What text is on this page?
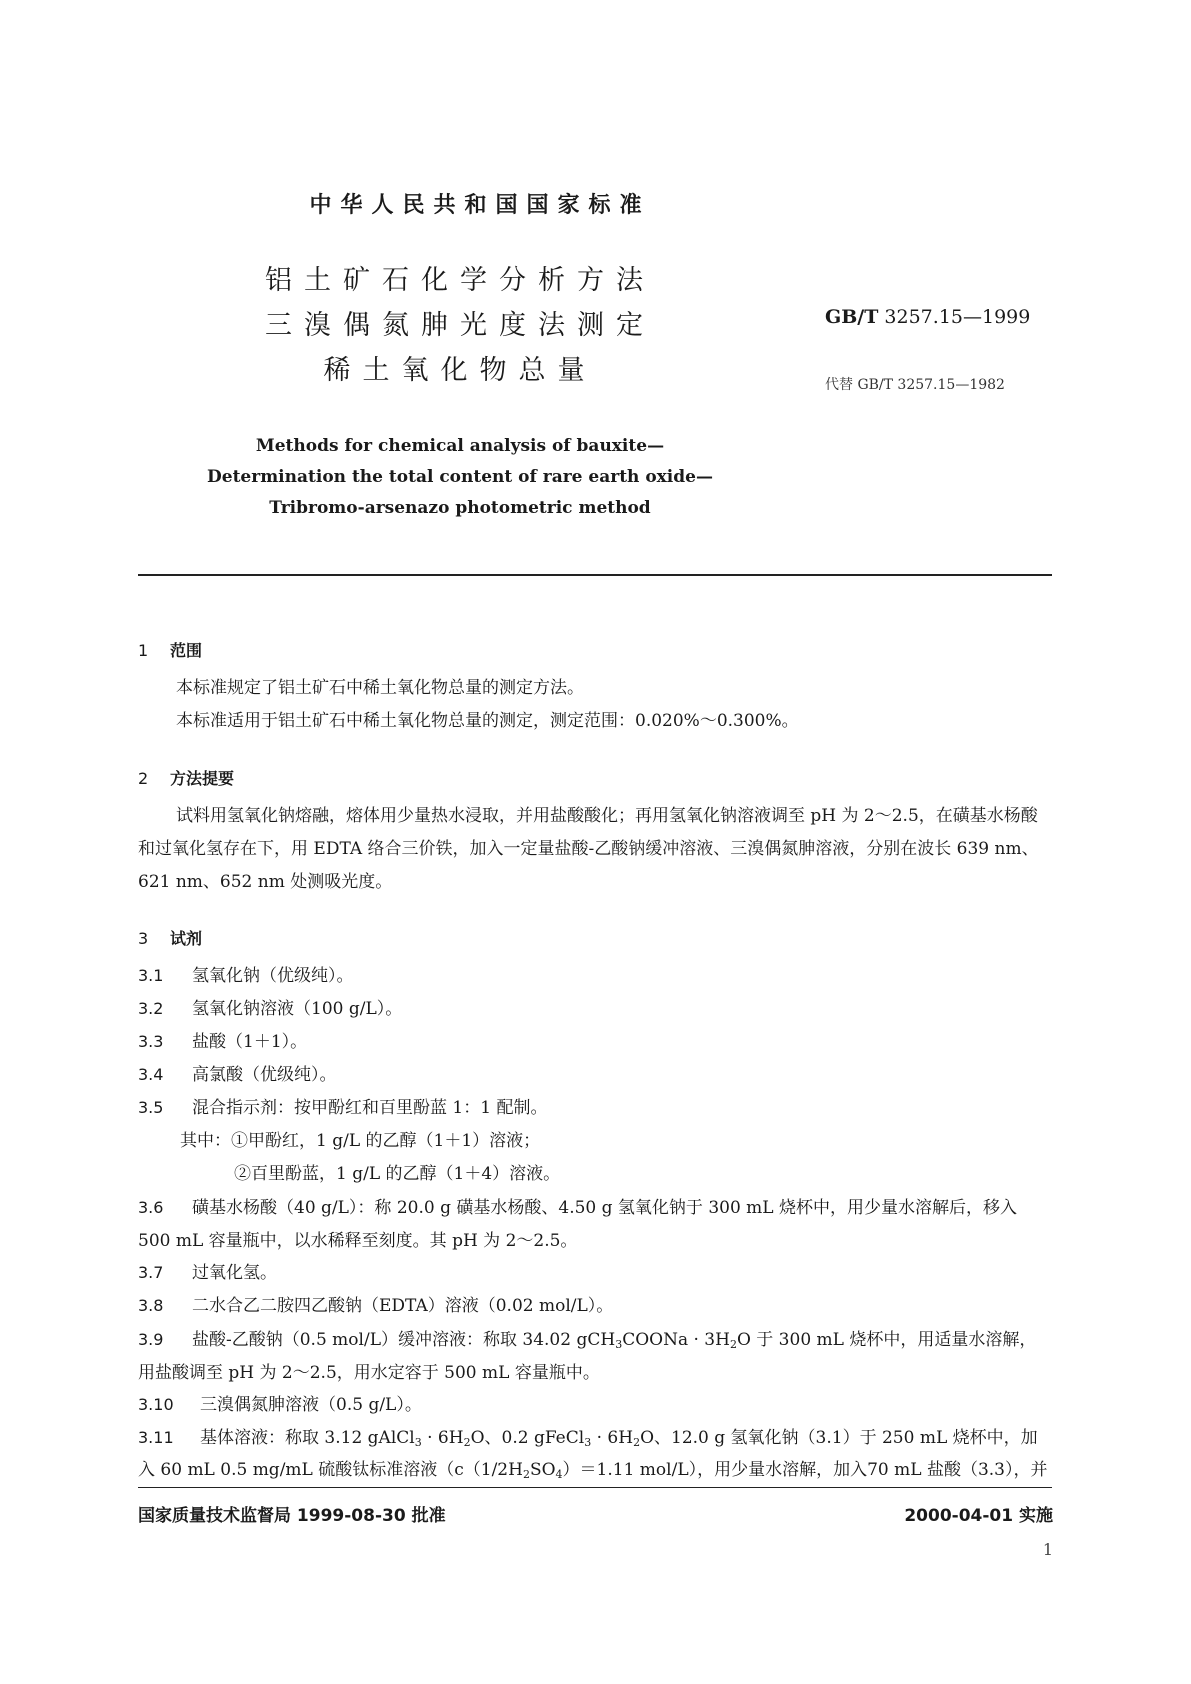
中华人民共和国国家标准
铝土矿石化学分析方法
三溴偶氮胂光度法测定
稀土氧化物总量
GB/T 3257.15—1999
代替 GB/T 3257.15—1982
Methods for chemical analysis of bauxite—
Determination the total content of rare earth oxide—
Tribromo-arsenazo photometric method
1 范围
本标准规定了铝土矿石中稀土氧化物总量的测定方法。
本标准适用于铝土矿石中稀土氧化物总量的测定，测定范围：0.020%～0.300%。
2 方法提要
试料用氢氧化钠熔融，熔体用少量热水浸取，并用盐酸酸化；再用氢氧化钠溶液调至 pH 为 2～2.5，在磺基水杨酸和过氧化氢存在下，用 EDTA 络合三价铁，加入一定量盐酸-乙酸钠缓冲溶液、三溴偶氮胂溶液，分别在波长 639 nm、621 nm、652 nm 处测吸光度。
3 试剂
3.1 氢氧化钠（优级纯）。
3.2 氢氧化钠溶液（100 g/L）。
3.3 盐酸（1＋1）。
3.4 高氯酸（优级纯）。
3.5 混合指示剂：按甲酚红和百里酚蓝 1：1 配制。
其中：①甲酚红，1 g/L 的乙醇（1＋1）溶液；
②百里酚蓝，1 g/L 的乙醇（1＋4）溶液。
3.6 磺基水杨酸（40 g/L）：称 20.0 g 磺基水杨酸、4.50 g 氢氧化钠于 300 mL 烧杯中，用少量水溶解后，移入 500 mL 容量瓶中，以水稀释至刻度。其 pH 为 2～2.5。
3.7 过氧化氢。
3.8 二水合乙二胺四乙酸钠（EDTA）溶液（0.02 mol/L）。
3.9 盐酸-乙酸钠（0.5 mol/L）缓冲溶液：称取 34.02 gCH$_3$COONa · $3H_2O$ 于 300 mL 烧杯中，用适量水溶解，用盐酸调至 pH 为 2～2.5，用水定容于 500 mL 容量瓶中。
3.10 三溴偶氮胂溶液（0.5 g/L）。
3.11 基体溶液：称取 3.12 gAlCl$_3$ · $6H_2O$、0.2 gFeCl$_3$ · $6H_2O$、12.0 g 氢氧化钠（3.1）于 250 mL 烧杯中，加入 60 mL 0.5 mg/mL 硫酸钛标准溶液（$c(1/2H_2SO_4)=1.11$ mol/L），用少量水溶解，加入70 mL 盐酸（3.3），并
国家质量技术监督局 1999-08-30 批准	2000-04-01 实施
1
